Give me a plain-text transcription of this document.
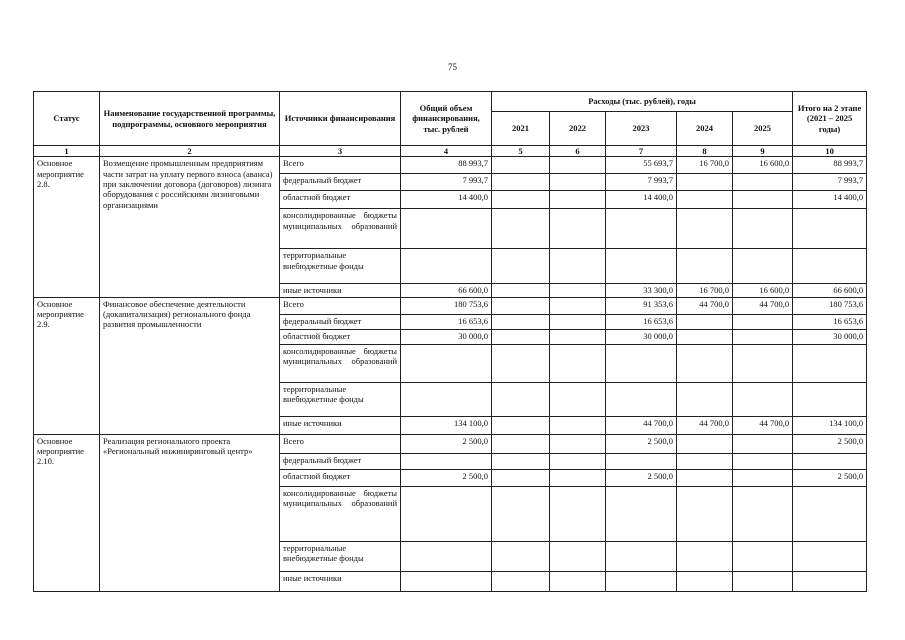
75
Статус	Наименование государственной программы, подпрограммы, основного мероприятия	Источники финансирования	Общий объем финансирования, тыс. рублей	Расходы (тыс. рублей), годы					Итого на 2 этапе (2021 – 2025 годы)
				2021	2022	2023	2024	2025	
1	2	3	4	5	6	7	8	9	10
Основное мероприятие 2.8.	Возмещение промышленным предприятиям части затрат на уплату первого взноса (аванса) при заключении договора (договоров) лизинга оборудования с российскими лизинговыми организациями	Всего	88 993,7			55 693,7	16 700,0	16 600,0	88 993,7
		федеральный бюджет	7 993,7			7 993,7			7 993,7
		областной бюджет	14 400,0			14 400,0			14 400,0
		консолидированные бюджеты муниципальных образований							
		территориальные внебюджетные фонды							
		иные источники	66 600,0			33 300,0	16 700,0	16 600,0	66 600,0
Основное мероприятие 2.9.	Финансовое обеспечение деятельности (докапитализация) регионального фонда развития промышленности	Всего	180 753,6			91 353,6	44 700,0	44 700,0	180 753,6
		федеральный бюджет	16 653,6			16 653,6			16 653,6
		областной бюджет	30 000,0			30 000,0			30 000,0
		консолидированные бюджеты муниципальных образований							
		территориальные внебюджетные фонды							
		иные источники	134 100,0			44 700,0	44 700,0	44 700,0	134 100,0
Основное мероприятие 2.10.	Реализация регионального проекта «Региональный инжиниринговый центр»	Всего	2 500,0			2 500,0			2 500,0
		федеральный бюджет							
		областной бюджет	2 500,0			2 500,0			2 500,0
		консолидированные бюджеты муниципальных образований							
		территориальные внебюджетные фонды							
		иные источники							
